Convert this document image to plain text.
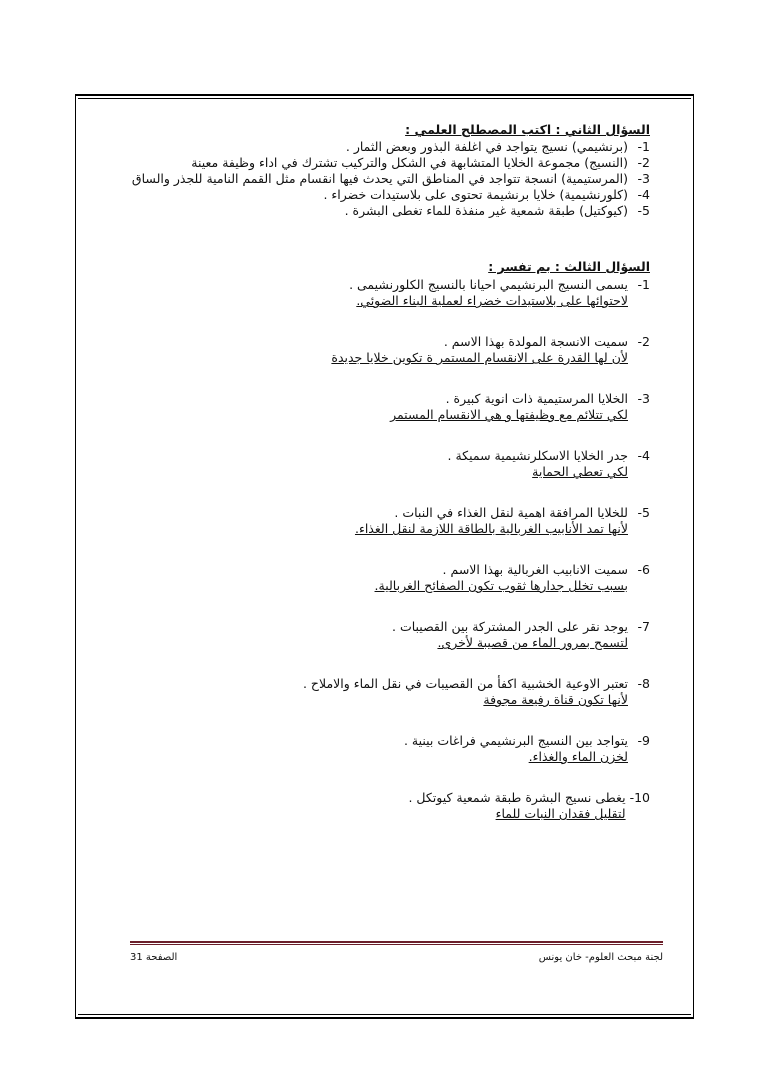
السؤال الثاني : اكتب المصطلح العلمي :

-1
(برنشيمي) نسيج يتواجد في اغلفة البذور وبعض الثمار .
-2
(النسيج) مجموعة الخلايا المتشابهة في الشكل والتركيب تشترك في اداء وظيفة معينة
-3
(المرستيمية) انسجة تتواجد في المناطق التي يحدث فيها انقسام مثل القمم النامية للجذر والساق
-4
(كلورنشيمية) خلايا برنشيمة تحتوى على بلاستيدات خضراء .
-5
(كيوكتيل) طبقة شمعية غير منفذة للماء تغطى البشرة .

السؤال الثالث : بم تفسر :

-1
يسمى النسيج البرنشيمي احيانا بالنسيج الكلورنشيمى .
لاحتوائها على بلاستيدات خضراء لعملية البناء الضوئي.
-2
سميت الانسجة المولدة بهذا الاسم .
لأن لها القدرة على الانقسام المستمر ة تكوين خلايا جديدة
-3
الخلايا المرستيمية ذات انوية كبيرة .
لكي تتلائم مع وظيفتها و هي الانقسام المستمر
-4
جدر الخلايا الاسكلرنشيمية سميكة .
لكي تعطي الحماية
-5
للخلايا المرافقة اهمية لنقل الغذاء في النبات .
لأنها تمد الأنابيب الغربالية بالطاقة اللازمة لنقل الغذاء.
-6
سميت الانابيب الغربالية بهذا الاسم .
بسبب تخلل جدارها ثقوب تكون الصفائح الغربالية.
-7
يوجد نقر على الجدر المشتركة بين القصيبات .
لتسمح بمرور الماء من قصيبة لأخرى.
-8
تعتبر الاوعية الخشبية اكفأ من القصيبات في نقل الماء والاملاح .
لأنها تكون قناة رفيعة مجوفة
-9
يتواجد بين النسيج البرنشيمي فراغات بينية .
لخزن الماء والغذاء.
-10
يغطى نسيج البشرة طبقة شمعية كيوتكل .
لتقليل فقدان النبات للماء
لجنة مبحث العلوم- خان يونس
الصفحة 31
